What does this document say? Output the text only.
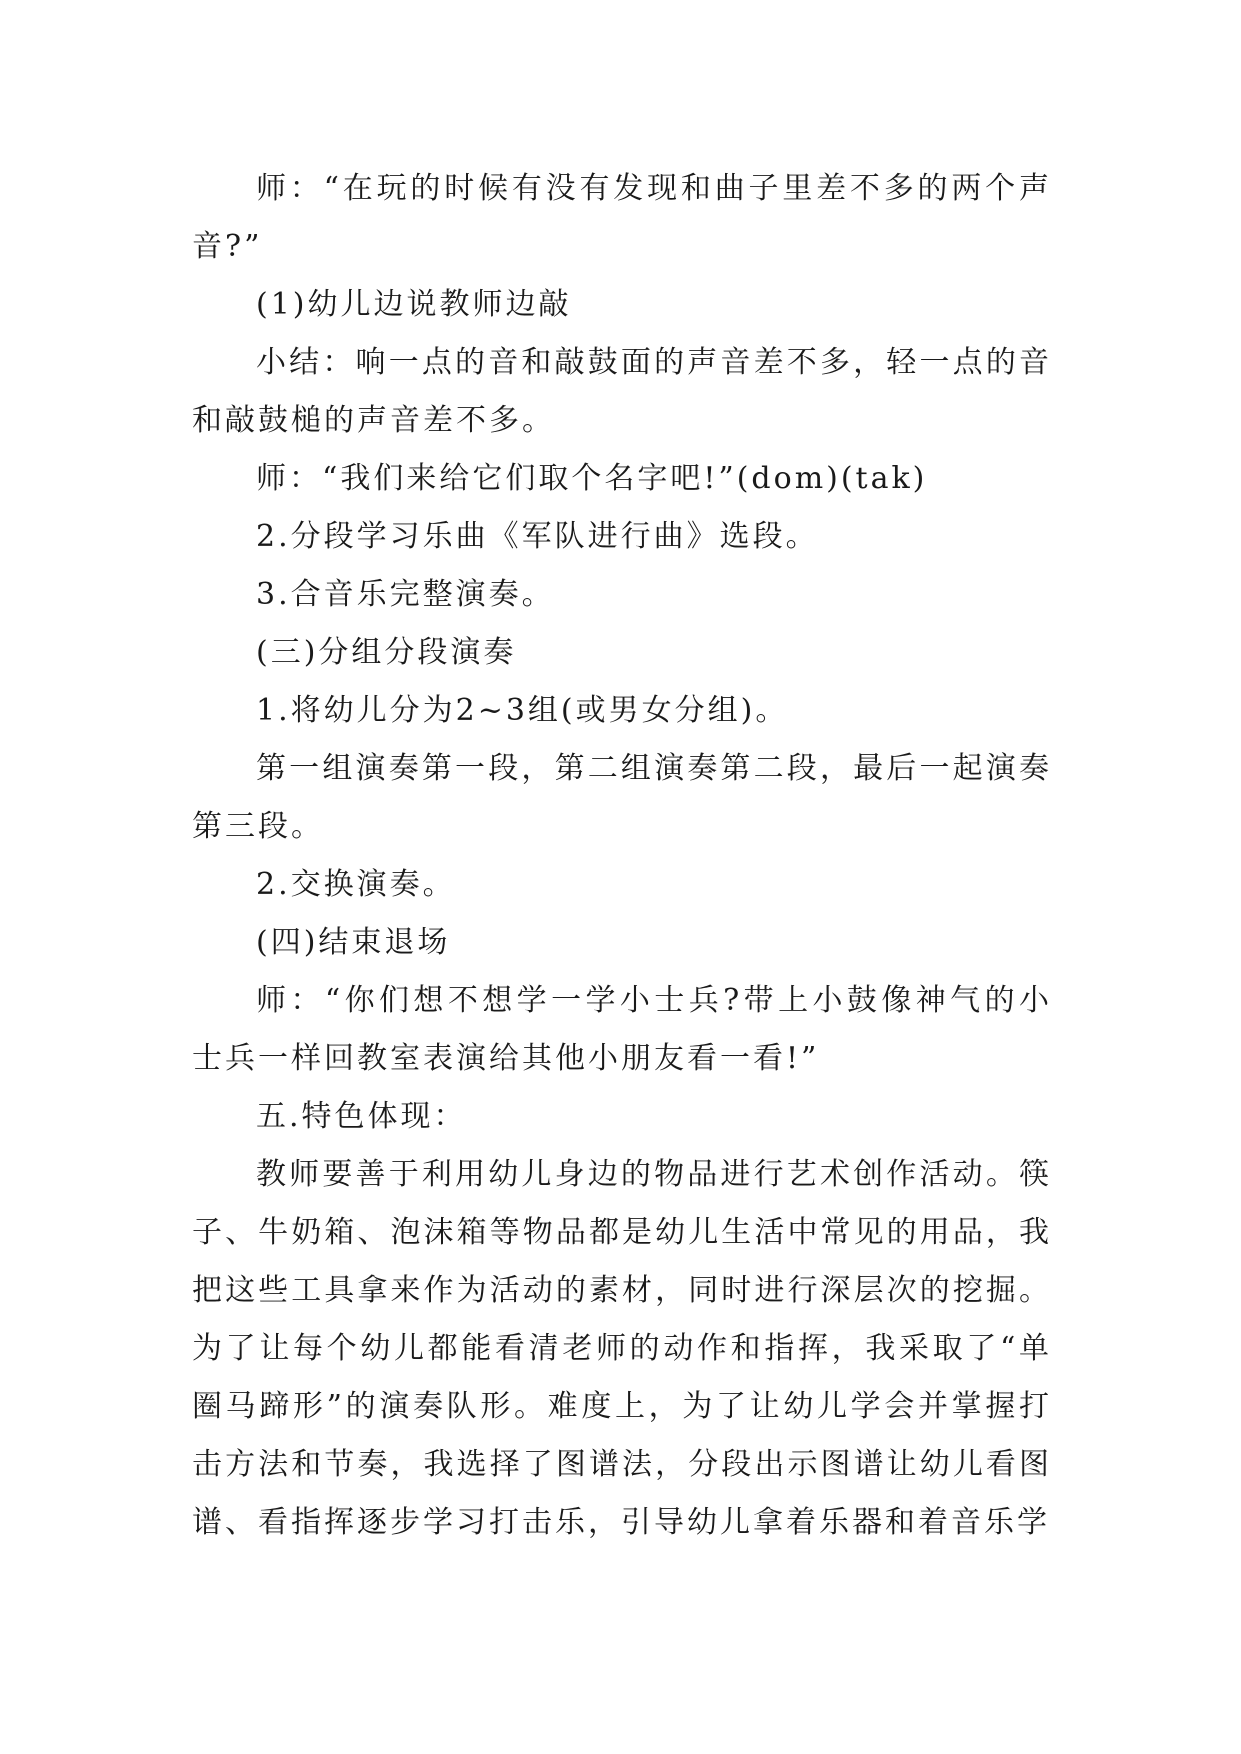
师：“在玩的时候有没有发现和曲子里差不多的两个声音?”

(1)幼儿边说教师边敲

小结：响一点的音和敲鼓面的声音差不多，轻一点的音和敲鼓槌的声音差不多。

师：“我们来给它们取个名字吧!”(dom)(tak)

2.分段学习乐曲《军队进行曲》选段。

3.合音乐完整演奏。

(三)分组分段演奏

1.将幼儿分为2~3组(或男女分组)。

第一组演奏第一段，第二组演奏第二段，最后一起演奏第三段。

2.交换演奏。

(四)结束退场

师：“你们想不想学一学小士兵?带上小鼓像神气的小士兵一样回教室表演给其他小朋友看一看!”

五.特色体现：

教师要善于利用幼儿身边的物品进行艺术创作活动。筷子、牛奶箱、泡沫箱等物品都是幼儿生活中常见的用品，我把这些工具拿来作为活动的素材，同时进行深层次的挖掘。为了让每个幼儿都能看清老师的动作和指挥，我采取了“单圈马蹄形”的演奏队形。难度上，为了让幼儿学会并掌握打击方法和节奏，我选择了图谱法，分段出示图谱让幼儿看图谱、看指挥逐步学习打击乐，引导幼儿拿着乐器和着音乐学
